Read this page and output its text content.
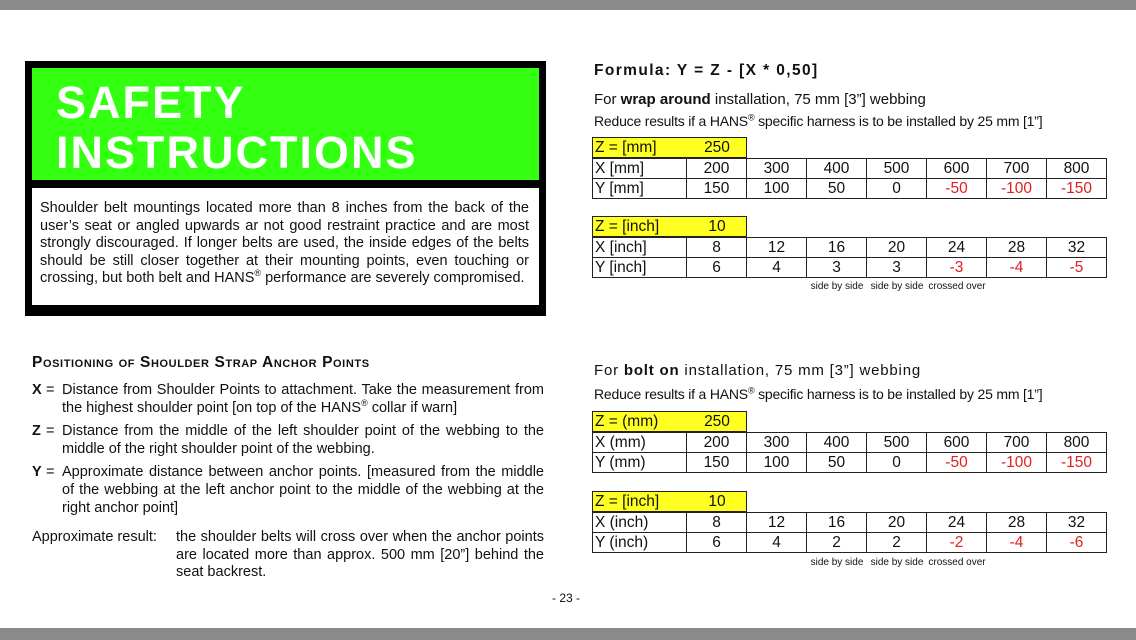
SAFETY
INSTRUCTIONS
Shoulder belt mountings located more than 8 inches from the back of the user’s seat or angled upwards ar not good restraint practice and are most strongly discouraged. If longer belts are used, the inside edges of the belts should be still closer together at their mounting points, even touching or crossing, but both belt and HANS® performance are severely compromised.
Positioning of Shoulder Strap Anchor Points
X = Distance from Shoulder Points to attachment. Take the measurement from the highest shoulder point [on top of the HANS® collar if warn]
Z = Distance from the middle of the left shoulder point of the webbing to the middle of the right shoulder point of the webbing.
Y = Approximate distance between anchor points. [measured from the middle of the webbing at the left anchor point to the middle of the webbing at the right anchor point]
Approximate result: the shoulder belts will cross over when the anchor points are located more than approx. 500 mm [20”] behind the seat backrest.
- 23 -
Formula: Y = Z - [X * 0,50]
For wrap around installation, 75 mm [3”] webbing
Reduce results if a HANS® specific harness is to be installed by 25 mm [1”]
Z = [mm]	250
X [mm]	200	300	400	500	600	700	800
Y [mm]	150	100	50	0	-50	-100	-150
Z = [inch]	10
X [inch]	8	12	16	20	24	28	32
Y [inch]	6	4	3	3	-3	-4	-5
side by side side by side crossed over
For bolt on installation, 75 mm [3”] webbing
Reduce results if a HANS® specific harness is to be installed by 25 mm [1”]
Z = (mm)	250
X (mm)	200	300	400	500	600	700	800
Y (mm)	150	100	50	0	-50	-100	-150
Z = [inch]	10
X (inch)	8	12	16	20	24	28	32
Y (inch)	6	4	2	2	-2	-4	-6
side by side side by side crossed over
